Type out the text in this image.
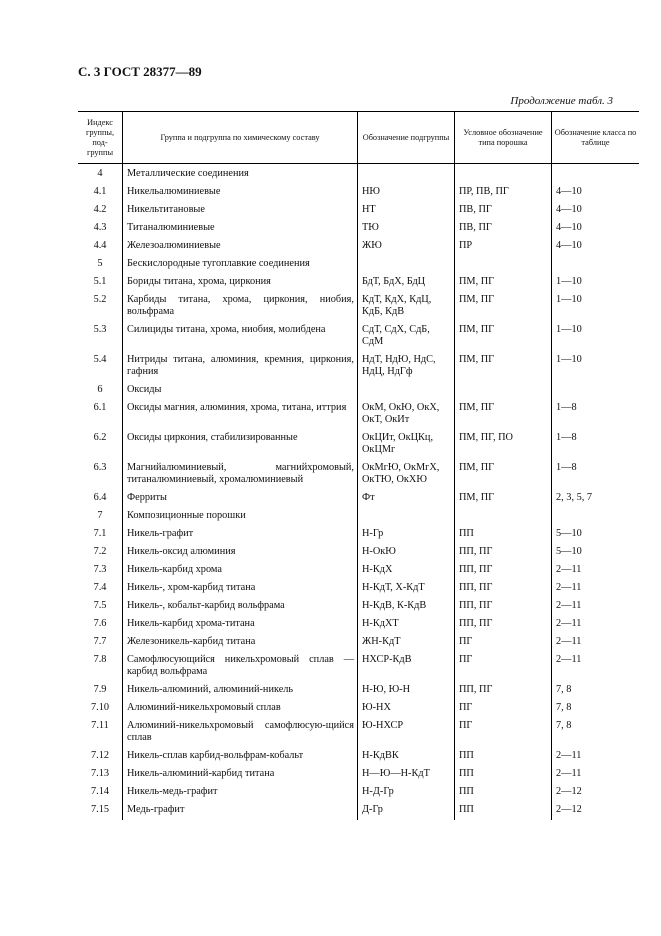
С. 3 ГОСТ 28377—89
Продолжение табл. 3
Индекс группы, под-группы	Группа и подгруппа по химическому составу	Обозначение подгруппы	Условное обозначение типа порошка	Обозначение класса по таблице
4	Металлические соединения			
4.1	Никельалюминиевые	НЮ	ПР, ПВ, ПГ	4—10
4.2	Никельтитановые	НТ	ПВ, ПГ	4—10
4.3	Титаналюминиевые	ТЮ	ПВ, ПГ	4—10
4.4	Железоалюминиевые	ЖЮ	ПР	4—10
5	Бескислородные тугоплавкие соединения			
5.1	Бориды титана, хрома, циркония	БдТ, БдХ, БдЦ	ПМ, ПГ	1—10
5.2	Карбиды титана, хрома, циркония, ниобия, вольфрама	КдТ, КдХ, КдЦ, КдБ, КдВ	ПМ, ПГ	1—10
5.3	Силициды титана, хрома, ниобия, молибдена	СдТ, СдХ, СдБ, СдМ	ПМ, ПГ	1—10
5.4	Нитриды титана, алюминия, кремния, циркония, гафния	НдТ, НдЮ, НдС, НдЦ, НдГф	ПМ, ПГ	1—10
6	Оксиды			
6.1	Оксиды магния, алюминия, хрома, титана, иттрия	ОкМ, ОкЮ, ОкХ, ОкТ, ОкИт	ПМ, ПГ	1—8
6.2	Оксиды циркония, стабилизированные	ОкЦИт, ОкЦКц, ОкЦМг	ПМ, ПГ, ПО	1—8
6.3	Магнийалюминиевый, магнийхромовый, титаналюминиевый, хромалюминиевый	ОкМгЮ, ОкМгХ, ОкТЮ, ОкХЮ	ПМ, ПГ	1—8
6.4	Ферриты	Фт	ПМ, ПГ	2, 3, 5, 7
7	Композиционные порошки			
7.1	Никель-графит	Н-Гр	ПП	5—10
7.2	Никель-оксид алюминия	Н-ОкЮ	ПП, ПГ	5—10
7.3	Никель-карбид хрома	Н-КдХ	ПП, ПГ	2—11
7.4	Никель-, хром-карбид титана	Н-КдТ, Х-КдТ	ПП, ПГ	2—11
7.5	Никель-, кобальт-карбид вольфрама	Н-КдВ, К-КдВ	ПП, ПГ	2—11
7.6	Никель-карбид хрома-титана	Н-КдХТ	ПП, ПГ	2—11
7.7	Железоникель-карбид титана	ЖН-КдТ	ПГ	2—11
7.8	Самофлюсующийся никельхромовый сплав — карбид вольфрама	НХСР-КдВ	ПГ	2—11
7.9	Никель-алюминий, алюминий-никель	Н-Ю, Ю-Н	ПП, ПГ	7, 8
7.10	Алюминий-никельхромовый сплав	Ю-НХ	ПГ	7, 8
7.11	Алюминий-никельхромовый самофлюсую-щийся сплав	Ю-НХСР	ПГ	7, 8
7.12	Никель-сплав карбид-вольфрам-кобальт	Н-КдВК	ПП	2—11
7.13	Никель-алюминий-карбид титана	Н—Ю—Н-КдТ	ПП	2—11
7.14	Никель-медь-графит	Н-Д-Гр	ПП	2—12
7.15	Медь-графит	Д-Гр	ПП	2—12
